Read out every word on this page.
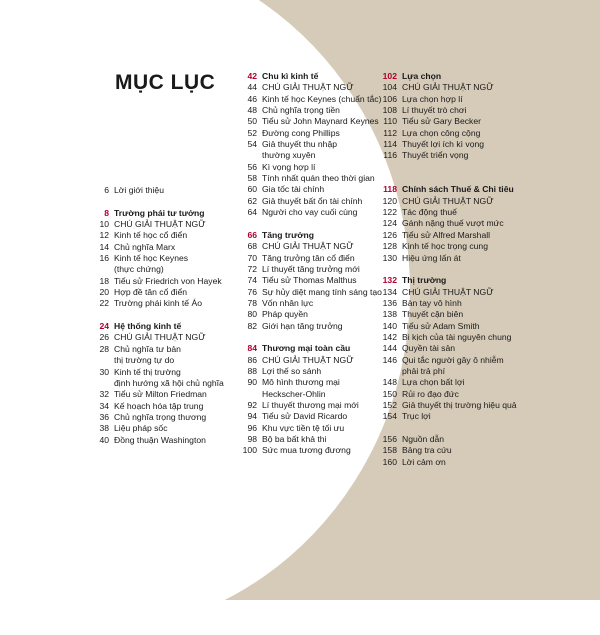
MỤC LỤC
6 Lời giới thiệu
8 Trường phái tư tưởng
10 CHÚ GIẢI THUẬT NGỮ
12 Kinh tế học cổ điển
14 Chủ nghĩa Marx
16 Kinh tế học Keynes
(thực chứng)
18 Tiểu sử Friedrich von Hayek
20 Hợp đề tân cổ điển
22 Trường phái kinh tế Áo
24 Hệ thống kinh tế
26 CHÚ GIẢI THUẬT NGỮ
28 Chủ nghĩa tư bản
thị trường tự do
30 Kinh tế thị trường
định hướng xã hội chủ nghĩa
32 Tiểu sử Milton Friedman
34 Kế hoạch hóa tập trung
36 Chủ nghĩa trọng thương
38 Liệu pháp sốc
40 Đồng thuận Washington
42 Chu kì kinh tế
44 CHÚ GIẢI THUẬT NGỮ
46 Kinh tế học Keynes (chuẩn tắc)
48 Chủ nghĩa trọng tiền
50 Tiểu sử John Maynard Keynes
52 Đường cong Phillips
54 Giả thuyết thu nhập
thường xuyên
56 Kì vọng hợp lí
58 Tính nhất quán theo thời gian
60 Gia tốc tài chính
62 Giả thuyết bất ổn tài chính
64 Người cho vay cuối cùng
66 Tăng trưởng
68 CHÚ GIẢI THUẬT NGỮ
70 Tăng trưởng tân cổ điển
72 Lí thuyết tăng trưởng mới
74 Tiểu sử Thomas Malthus
76 Sự hủy diệt mang tính sáng tạo
78 Vốn nhân lực
80 Pháp quyền
82 Giới hạn tăng trưởng
84 Thương mại toàn cầu
86 CHÚ GIẢI THUẬT NGỮ
88 Lợi thế so sánh
90 Mô hình thương mại
Heckscher-Ohlin
92 Lí thuyết thương mại mới
94 Tiểu sử David Ricardo
96 Khu vực tiền tệ tối ưu
98 Bộ ba bất khả thi
100 Sức mua tương đương
102 Lựa chọn
104 CHÚ GIẢI THUẬT NGỮ
106 Lựa chọn hợp lí
108 Lí thuyết trò chơi
110 Tiểu sử Gary Becker
112 Lựa chọn công cộng
114 Thuyết lợi ích kì vọng
116 Thuyết triển vọng
118 Chính sách Thuế & Chi tiêu
120 CHÚ GIẢI THUẬT NGỮ
122 Tác động thuế
124 Gánh nặng thuế vượt mức
126 Tiểu sử Alfred Marshall
128 Kinh tế học trọng cung
130 Hiệu ứng lấn át
132 Thị trường
134 CHÚ GIẢI THUẬT NGỮ
136 Bàn tay vô hình
138 Thuyết cận biên
140 Tiểu sử Adam Smith
142 Bi kịch của tài nguyên chung
144 Quyền tài sản
146 Qui tắc người gây ô nhiễm
phải trả phí
148 Lựa chọn bất lợi
150 Rủi ro đạo đức
152 Giả thuyết thị trường hiệu quả
154 Trục lợi
156 Nguồn dẫn
158 Bảng tra cứu
160 Lời cảm ơn
